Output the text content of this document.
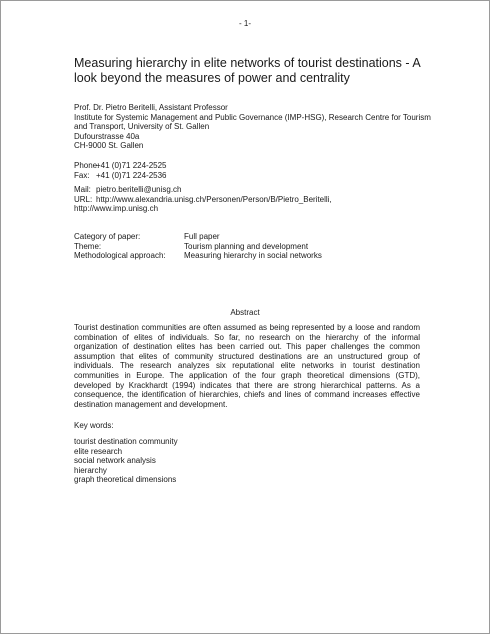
- 1-
Measuring hierarchy in elite networks of tourist destinations - A look beyond the measures of power and centrality
Prof. Dr. Pietro Beritelli, Assistant Professor
Institute for Systemic Management and Public Governance (IMP-HSG), Research Centre for Tourism and Transport, University of St. Gallen
Dufourstrasse 40a
CH-9000 St. Gallen
Phone:
+41 (0)71 224-2525
Fax: +41 (0)71 224-2536
Mail: pietro.beritelli@unisg.ch
URL: http://www.alexandria.unisg.ch/Personen/Person/B/Pietro_Beritelli,
http://www.imp.unisg.ch
Category of paper:	Full paper
Theme:	Tourism planning and development
Methodological approach:	Measuring hierarchy in social networks
Abstract
Tourist destination communities are often assumed as being represented by a loose and random combination of elites of individuals. So far, no research on the hierarchy of the informal organization of destination elites has been carried out. This paper challenges the common assumption that elites of community structured destinations are an unstructured group of individuals. The research analyzes six reputational elite networks in tourist destination communities in Europe. The application of the four graph theoretical dimensions (GTD), developed by Krackhardt (1994) indicates that there are strong hierarchical patterns. As a consequence, the identification of hierarchies, chiefs and lines of command increases effective destination management and development.
Key words:
tourist destination community
elite research
social network analysis
hierarchy
graph theoretical dimensions
